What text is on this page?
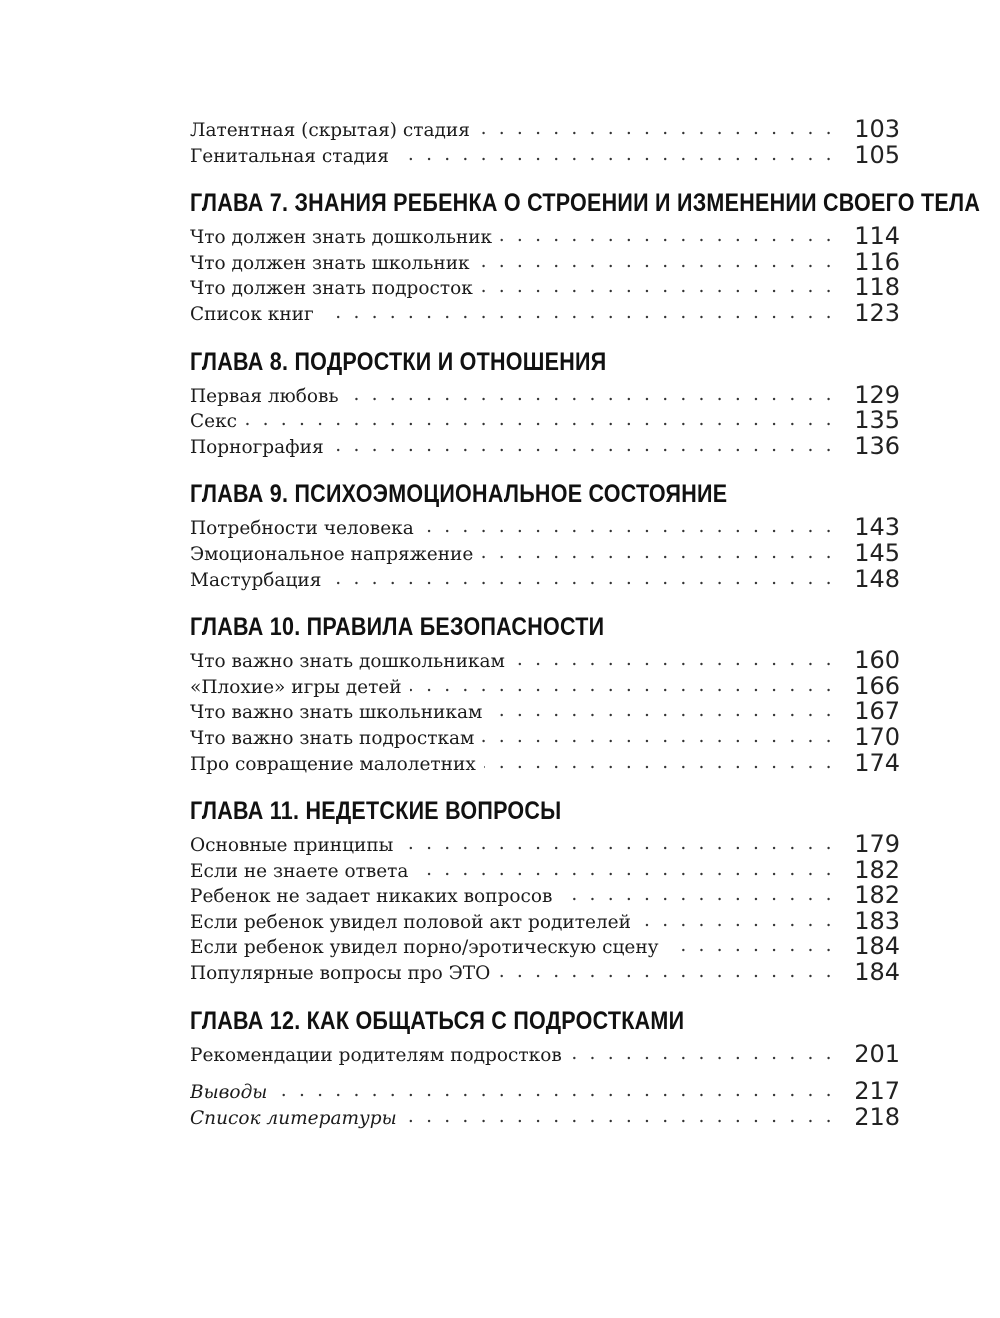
Латентная (скрытая) стадия . . .	103
Генитальная стадия . . .	105
ГЛАВА 7. ЗНАНИЯ РЕБЕНКА О СТРОЕНИИ И ИЗМЕНЕНИИ СВОЕГО ТЕЛА
Что должен знать дошкольник . . .	114
Что должен знать школьник . . .	116
Что должен знать подросток . . .	118
Список книг . . .	123
ГЛАВА 8. ПОДРОСТКИ И ОТНОШЕНИЯ
Первая любовь . . .	129
Секс . . .	135
Порнография . . .	136
ГЛАВА 9. ПСИХОЭМОЦИОНАЛЬНОЕ СОСТОЯНИЕ
Потребности человека . . .	143
Эмоциональное напряжение . . .	145
Мастурбация . . .	148
ГЛАВА 10. ПРАВИЛА БЕЗОПАСНОСТИ
Что важно знать дошкольникам . . .	160
«Плохие» игры детей . . .	166
Что важно знать школьникам . . .	167
Что важно знать подросткам . . .	170
Про совращение малолетних . . .	174
ГЛАВА 11. НЕДЕТСКИЕ ВОПРОСЫ
Основные принципы . . .	179
Если не знаете ответа . . .	182
Ребенок не задает никаких вопросов . . .	182
Если ребенок увидел половой акт родителей . . .	183
Если ребенок увидел порно/эротическую сцену . . .	184
Популярные вопросы про ЭТО . . .	184
ГЛАВА 12. КАК ОБЩАТЬСЯ С ПОДРОСТКАМИ
Рекомендации родителям подростков . . .	201
Выводы . . .	217
Список литературы . . .	218
